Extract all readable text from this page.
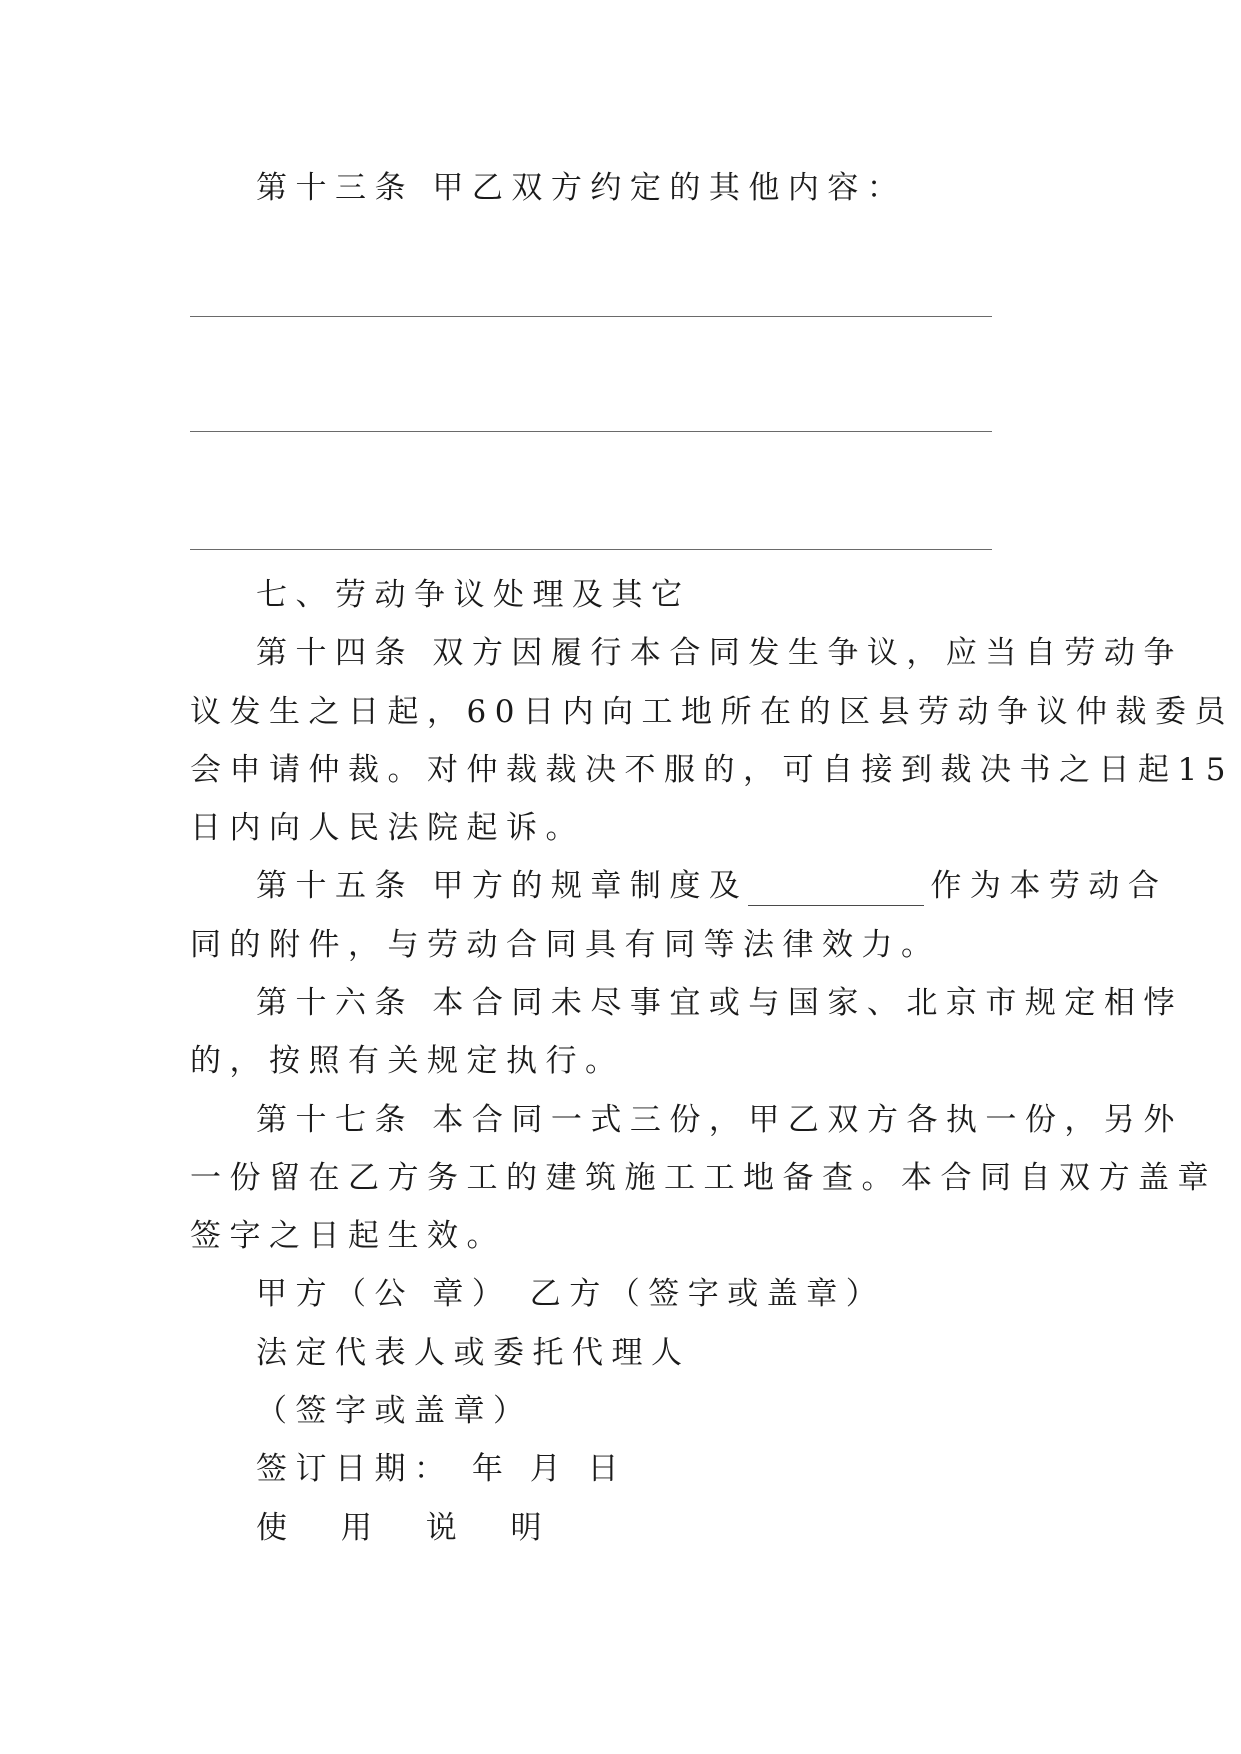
第十三条 甲乙双方约定的其他内容：
七、劳动争议处理及其它
第十四条 双方因履行本合同发生争议，应当自劳动争
议发生之日起，60日内向工地所在的区县劳动争议仲裁委员
会申请仲裁。对仲裁裁决不服的，可自接到裁决书之日起15
日内向人民法院起诉。
第十五条 甲方的规章制度及	作为本劳动合
同的附件，与劳动合同具有同等法律效力。
第十六条 本合同未尽事宜或与国家、北京市规定相悖
的，按照有关规定执行。
第十七条 本合同一式三份，甲乙双方各执一份，另外
一份留在乙方务工的建筑施工工地备查。本合同自双方盖章
签字之日起生效。
甲方（公 章） 乙方（签字或盖章）
法定代表人或委托代理人
（签字或盖章）
签订日期： 年 月 日
使 用 说 明
